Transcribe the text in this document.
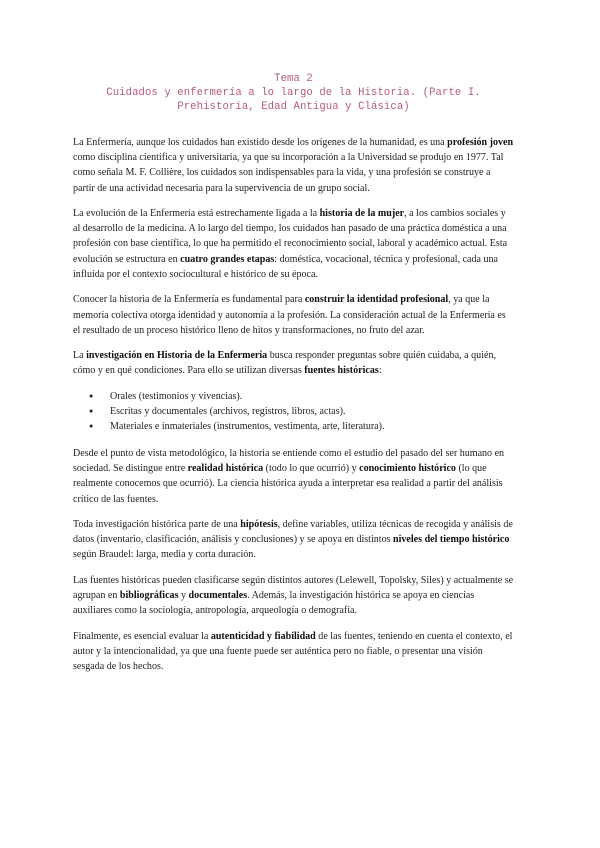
Tema 2
Cuidados y enfermería a lo largo de la Historia. (Parte I.
Prehistoria, Edad Antigua y Clásica)

La Enfermería, aunque los cuidados han existido desde los orígenes de la humanidad, es una profesión joven como disciplina científica y universitaria, ya que su incorporación a la Universidad se produjo en 1977. Tal como señala M. F. Collière, los cuidados son indispensables para la vida, y una profesión se construye a partir de una actividad necesaria para la supervivencia de un grupo social.

La evolución de la Enfermería está estrechamente ligada a la historia de la mujer, a los cambios sociales y al desarrollo de la medicina. A lo largo del tiempo, los cuidados han pasado de una práctica doméstica a una profesión con base científica, lo que ha permitido el reconocimiento social, laboral y académico actual. Esta evolución se estructura en cuatro grandes etapas: doméstica, vocacional, técnica y profesional, cada una influida por el contexto sociocultural e histórico de su época.

Conocer la historia de la Enfermería es fundamental para construir la identidad profesional, ya que la memoria colectiva otorga identidad y autonomía a la profesión. La consideración actual de la Enfermería es el resultado de un proceso histórico lleno de hitos y transformaciones, no fruto del azar.

La investigación en Historia de la Enfermería busca responder preguntas sobre quién cuidaba, a quién, cómo y en qué condiciones. Para ello se utilizan diversas fuentes históricas:

● Orales (testimonios y vivencias).
● Escritas y documentales (archivos, registros, libros, actas).
● Materiales e inmateriales (instrumentos, vestimenta, arte, literatura).

Desde el punto de vista metodológico, la historia se entiende como el estudio del pasado del ser humano en sociedad. Se distingue entre realidad histórica (todo lo que ocurrió) y conocimiento histórico (lo que realmente conocemos que ocurrió). La ciencia histórica ayuda a interpretar esa realidad a partir del análisis crítico de las fuentes.

Toda investigación histórica parte de una hipótesis, define variables, utiliza técnicas de recogida y análisis de datos (inventario, clasificación, análisis y conclusiones) y se apoya en distintos niveles del tiempo histórico según Braudel: larga, media y corta duración.

Las fuentes históricas pueden clasificarse según distintos autores (Lelewell, Topolsky, Siles) y actualmente se agrupan en bibliográficas y documentales. Además, la investigación histórica se apoya en ciencias auxiliares como la sociología, antropología, arqueología o demografía.

Finalmente, es esencial evaluar la autenticidad y fiabilidad de las fuentes, teniendo en cuenta el contexto, el autor y la intencionalidad, ya que una fuente puede ser auténtica pero no fiable, o presentar una visión sesgada de los hechos.
